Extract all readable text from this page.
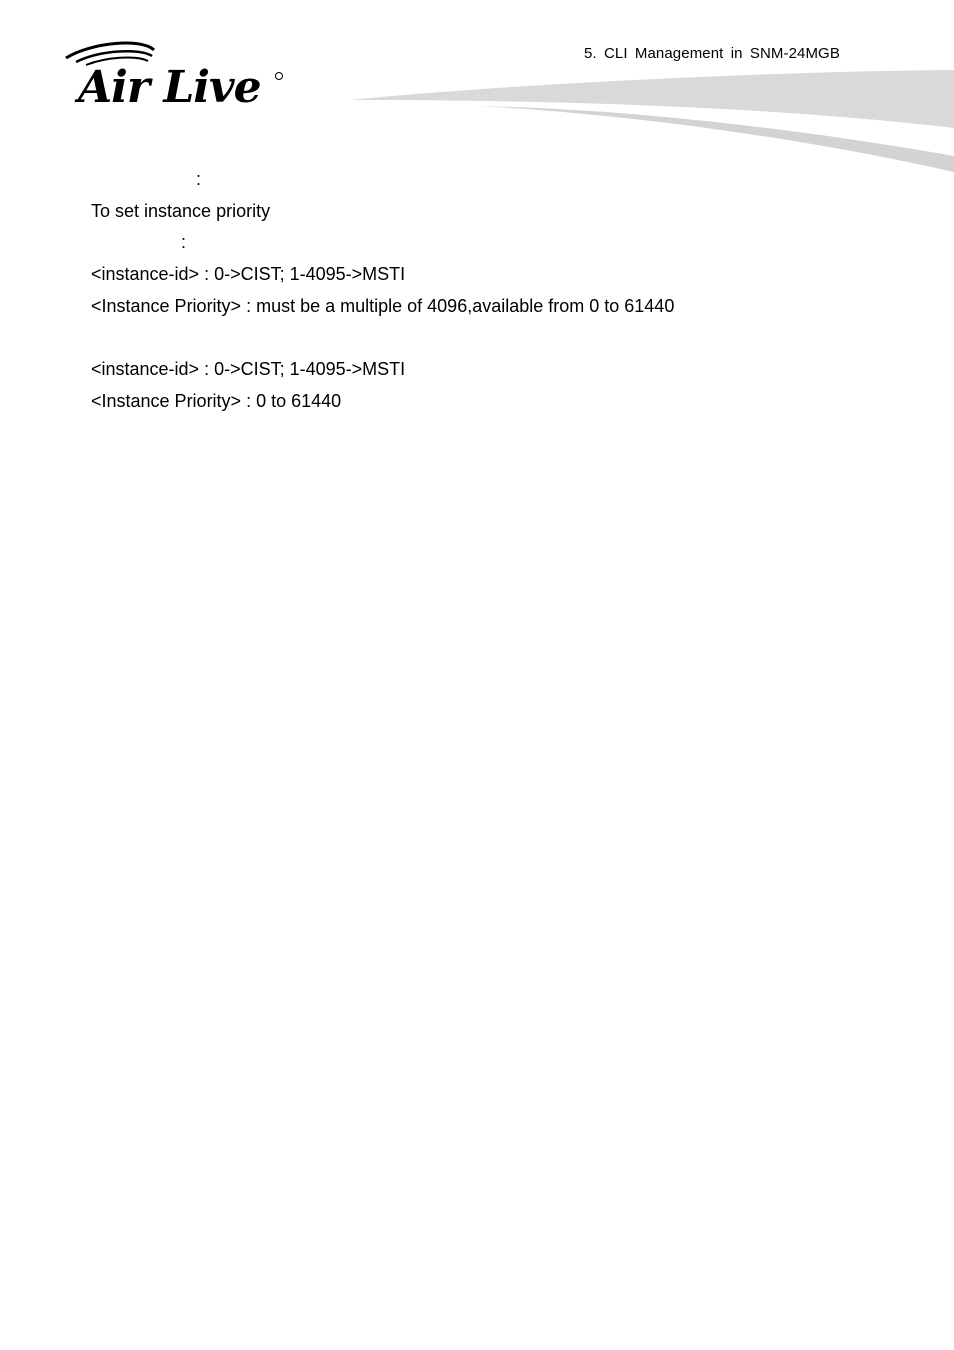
Air Live
5. CLI Management in SNM-24MGB
:
To set instance priority
:
<instance-id> : 0->CIST; 1-4095->MSTI
<Instance Priority> : must be a multiple of 4096,available from 0 to 61440
<instance-id> : 0->CIST; 1-4095->MSTI
<Instance Priority> : 0 to 61440
